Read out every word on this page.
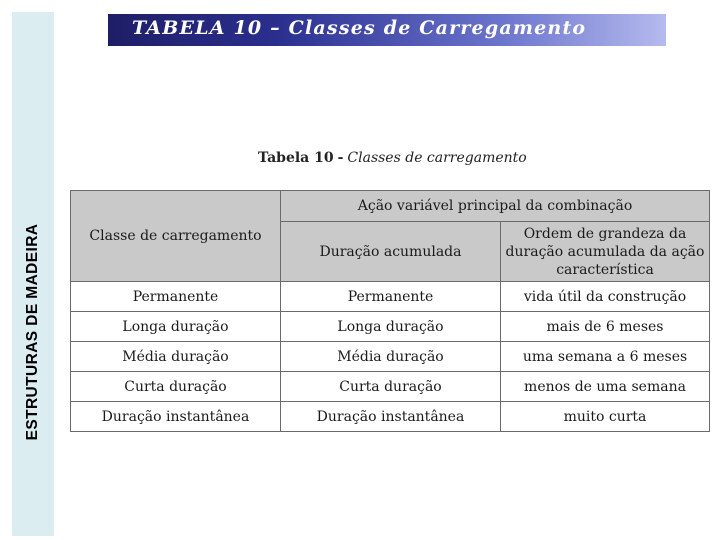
ESTRUTURAS DE MADEIRA
TABELA 10 – Classes de Carregamento
Tabela 10 - Classes de carregamento
Classe de carregamento	Ação variável principal da combinação	
	Duração acumulada	Ordem de grandeza da duração acumulada da ação característica
Permanente	Permanente	vida útil da construção
Longa duração	Longa duração	mais de 6 meses
Média duração	Média duração	uma semana a 6 meses
Curta duração	Curta duração	menos de uma semana
Duração instantânea	Duração instantânea	muito curta
